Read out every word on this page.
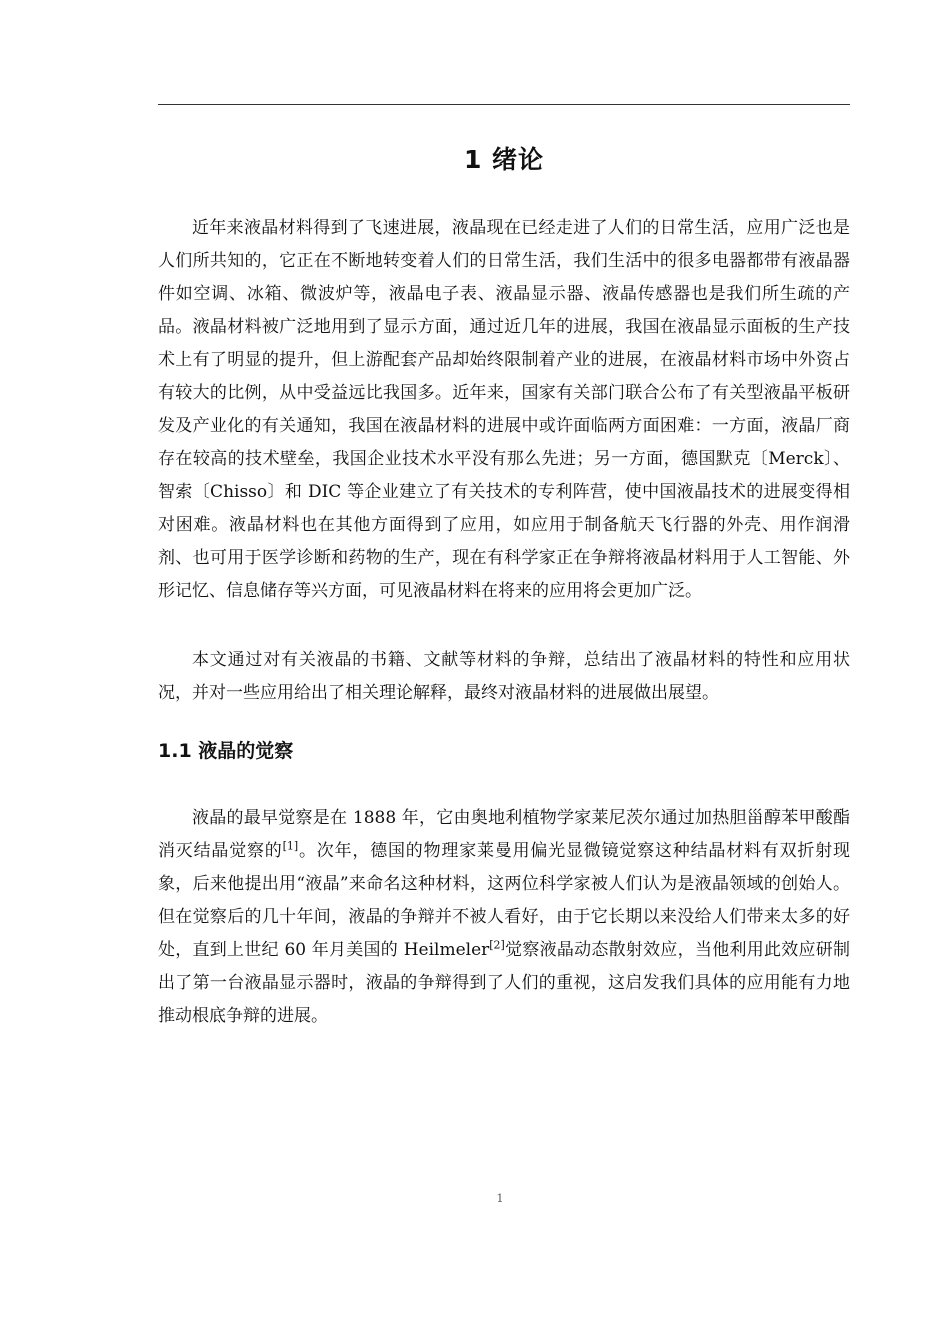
1 绪论

近年来液晶材料得到了飞速进展，液晶现在已经走进了人们的日常生活，应用广泛也是人们所共知的，它正在不断地转变着人们的日常生活，我们生活中的很多电器都带有液晶器件如空调、冰箱、微波炉等，液晶电子表、液晶显示器、液晶传感器也是我们所生疏的产品。液晶材料被广泛地用到了显示方面，通过近几年的进展，我国在液晶显示面板的生产技术上有了明显的提升，但上游配套产品却始终限制着产业的进展，在液晶材料市场中外资占有较大的比例，从中受益远比我国多。近年来，国家有关部门联合公布了有关型液晶平板研发及产业化的有关通知，我国在液晶材料的进展中或许面临两方面困难：一方面，液晶厂商存在较高的技术壁垒，我国企业技术水平没有那么先进；另一方面，德国默克〔Merck〕、智索〔Chisso〕和 DIC 等企业建立了有关技术的专利阵营，使中国液晶技术的进展变得相对困难。液晶材料也在其他方面得到了应用，如应用于制备航天飞行器的外壳、用作润滑剂、也可用于医学诊断和药物的生产，现在有科学家正在争辩将液晶材料用于人工智能、外形记忆、信息储存等兴方面，可见液晶材料在将来的应用将会更加广泛。

本文通过对有关液晶的书籍、文献等材料的争辩，总结出了液晶材料的特性和应用状况，并对一些应用给出了相关理论解释，最终对液晶材料的进展做出展望。

1.1 液晶的觉察

液晶的最早觉察是在 1888 年，它由奥地利植物学家莱尼茨尔通过加热胆甾醇苯甲酸酯消灭结晶觉察的[1]。次年，德国的物理家莱曼用偏光显微镜觉察这种结晶材料有双折射现象，后来他提出用“液晶”来命名这种材料，这两位科学家被人们认为是液晶领域的创始人。但在觉察后的几十年间，液晶的争辩并不被人看好，由于它长期以来没给人们带来太多的好处，直到上世纪 60 年月美国的 Heilmeler[2]觉察液晶动态散射效应，当他利用此效应研制出了第一台液晶显示器时，液晶的争辩得到了人们的重视，这启发我们具体的应用能有力地推动根底争辩的进展。

1
